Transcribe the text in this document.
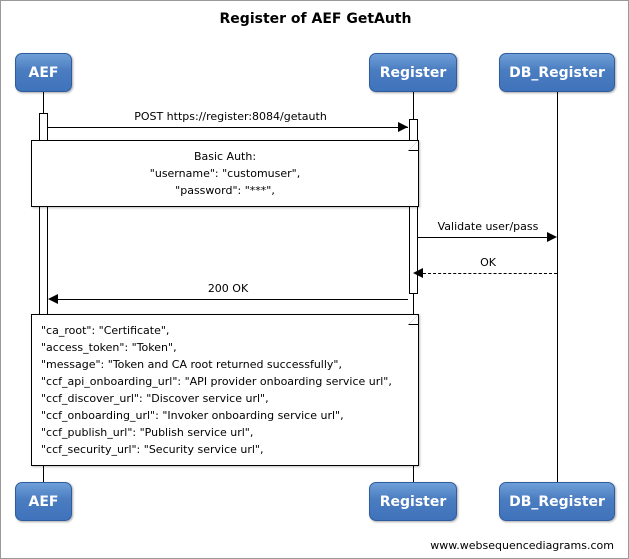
Register of AEF GetAuth
AEF	Register	DB_Register
POST https://register:8084/getauth
Basic Auth:
"username": "customuser",
"password": "***",
Validate user/pass
OK
200 OK
"ca_root": "Certificate",
"access_token": "Token",
"message": "Token and CA root returned successfully",
"ccf_api_onboarding_url": "API provider onboarding service url",
"ccf_discover_url": "Discover service url",
"ccf_onboarding_url": "Invoker onboarding service url",
"ccf_publish_url": "Publish service url",
"ccf_security_url": "Security service url",
AEF	Register	DB_Register
www.websequencediagrams.com
